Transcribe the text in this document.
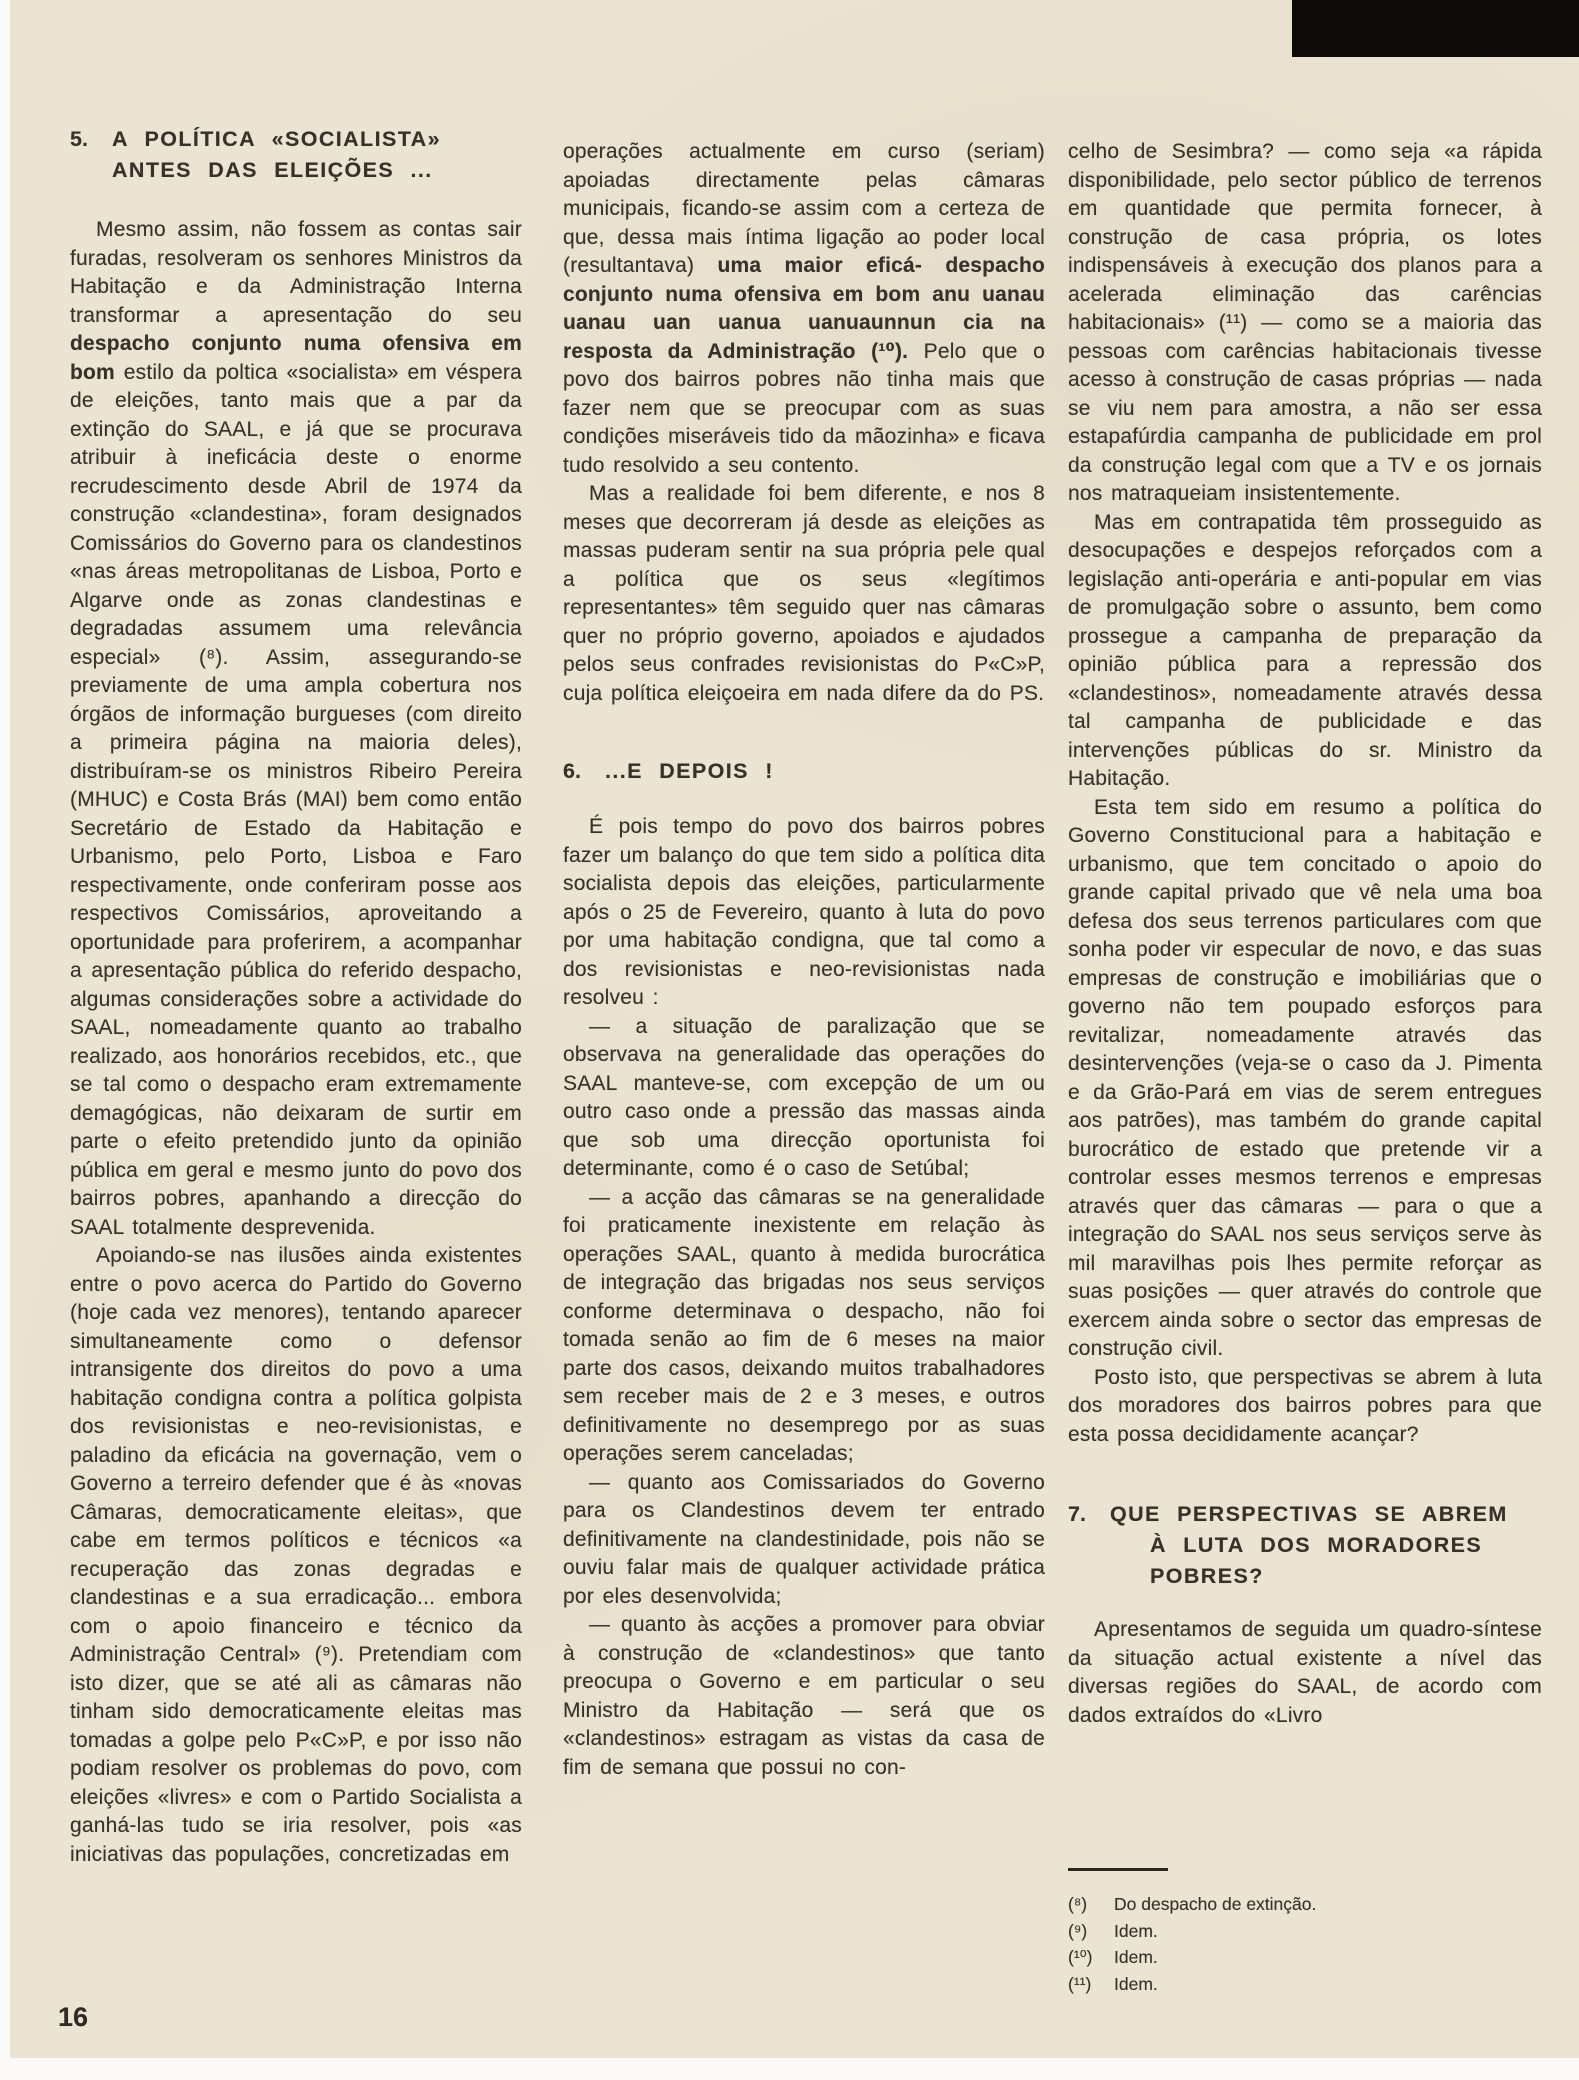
5. A POLÍTICA «SOCIALISTA»
ANTES DAS ELEIÇÕES ...

Mesmo assim, não fossem as contas sair furadas, resolveram os senhores Ministros da Habitação e da Administração Interna transformar a apresentação do seu despacho conjunto numa ofensiva em bom estilo da poltica «socialista» em véspera de eleições, tanto mais que a par da extinção do SAAL, e já que se procurava atribuir à ineficácia deste o enorme recrudescimento desde Abril de 1974 da construção «clandestina», foram designados Comissários do Governo para os clandestinos «nas áreas metropolitanas de Lisboa, Porto e Algarve onde as zonas clandestinas e degradadas assumem uma relevância especial» (⁸). Assim, assegurando-se previamente de uma ampla cobertura nos órgãos de informação burgueses (com direito a primeira página na maioria deles), distribuíram-se os ministros Ribeiro Pereira (MHUC) e Costa Brás (MAI) bem como então Secretário de Estado da Habitação e Urbanismo, pelo Porto, Lisboa e Faro respectivamente, onde conferiram posse aos respectivos Comissários, aproveitando a oportunidade para proferirem, a acompanhar a apresentação pública do referido despacho, algumas considerações sobre a actividade do SAAL, nomeadamente quanto ao trabalho realizado, aos honorários recebidos, etc., que se tal como o despacho eram extremamente demagógicas, não deixaram de surtir em parte o efeito pretendido junto da opinião pública em geral e mesmo junto do povo dos bairros pobres, apanhando a direcção do SAAL totalmente desprevenida.

Apoiando-se nas ilusões ainda existentes entre o povo acerca do Partido do Governo (hoje cada vez menores), tentando aparecer simultaneamente como o defensor intransigente dos direitos do povo a uma habitação condigna contra a política golpista dos revisionistas e neo-revisionistas, e paladino da eficácia na governação, vem o Governo a terreiro defender que é às «novas Câmaras, democraticamente eleitas», que cabe em termos políticos e técnicos «a recuperação das zonas degradas e clandestinas e a sua erradicação... embora com o apoio financeiro e técnico da Administração Central» (⁹). Pretendiam com isto dizer, que se até ali as câmaras não tinham sido democraticamente eleitas mas tomadas a golpe pelo P«C»P, e por isso não podiam resolver os problemas do povo, com eleições «livres» e com o Partido Socialista a ganhá-las tudo se iria resolver, pois «as iniciativas das populações, concretizadas em

operações actualmente em curso (seriam) apoiadas directamente pelas câmaras municipais, ficando-se assim com a certeza de que, dessa mais íntima ligação ao poder local (resultantava) uma maior eficá- despacho conjunto numa ofensiva em bom anu uanau uanau uan uanua uanuaunnun cia na resposta da Administração (¹⁰). Pelo que o povo dos bairros pobres não tinha mais que fazer nem que se preocupar com as suas condições miseráveis tido da mãozinha» e ficava tudo resolvido a seu contento.

Mas a realidade foi bem diferente, e nos 8 meses que decorreram já desde as eleições as massas puderam sentir na sua própria pele qual a política que os seus «legítimos representantes» têm seguido quer nas câmaras quer no próprio governo, apoiados e ajudados pelos seus confrades revisionistas do P«C»P, cuja política eleiçoeira em nada difere da do PS.

6. ...E DEPOIS !

É pois tempo do povo dos bairros pobres fazer um balanço do que tem sido a política dita socialista depois das eleições, particularmente após o 25 de Fevereiro, quanto à luta do povo por uma habitação condigna, que tal como a dos revisionistas e neo-revisionistas nada resolveu :

— a situação de paralização que se observava na generalidade das operações do SAAL manteve-se, com excepção de um ou outro caso onde a pressão das massas ainda que sob uma direcção oportunista foi determinante, como é o caso de Setúbal;

— a acção das câmaras se na generalidade foi praticamente inexistente em relação às operações SAAL, quanto à medida burocrática de integração das brigadas nos seus serviços conforme determinava o despacho, não foi tomada senão ao fim de 6 meses na maior parte dos casos, deixando muitos trabalhadores sem receber mais de 2 e 3 meses, e outros definitivamente no desemprego por as suas operações serem canceladas;

— quanto aos Comissariados do Governo para os Clandestinos devem ter entrado definitivamente na clandestinidade, pois não se ouviu falar mais de qualquer actividade prática por eles desenvolvida;

— quanto às acções a promover para obviar à construção de «clandestinos» que tanto preocupa o Governo e em particular o seu Ministro da Habitação — será que os «clandestinos» estragam as vistas da casa de fim de semana que possui no con-

celho de Sesimbra? — como seja «a rápida disponibilidade, pelo sector público de terrenos em quantidade que permita fornecer, à construção de casa própria, os lotes indispensáveis à execução dos planos para a acelerada eliminação das carências habitacionais» (¹¹) — como se a maioria das pessoas com carências habitacionais tivesse acesso à construção de casas próprias — nada se viu nem para amostra, a não ser essa estapafúrdia campanha de publicidade em prol da construção legal com que a TV e os jornais nos matraqueiam insistentemente.

Mas em contrapatida têm prosseguido as desocupações e despejos reforçados com a legislação anti-operária e anti-popular em vias de promulgação sobre o assunto, bem como prossegue a campanha de preparação da opinião pública para a repressão dos «clandestinos», nomeadamente através dessa tal campanha de publicidade e das intervenções públicas do sr. Ministro da Habitação.

Esta tem sido em resumo a política do Governo Constitucional para a habitação e urbanismo, que tem concitado o apoio do grande capital privado que vê nela uma boa defesa dos seus terrenos particulares com que sonha poder vir especular de novo, e das suas empresas de construção e imobiliárias que o governo não tem poupado esforços para revitalizar, nomeadamente através das desintervenções (veja-se o caso da J. Pimenta e da Grão-Pará em vias de serem entregues aos patrões), mas também do grande capital burocrático de estado que pretende vir a controlar esses mesmos terrenos e empresas através quer das câmaras — para o que a integração do SAAL nos seus serviços serve às mil maravilhas pois lhes permite reforçar as suas posições — quer através do controle que exercem ainda sobre o sector das empresas de construção civil.

Posto isto, que perspectivas se abrem à luta dos moradores dos bairros pobres para que esta possa decididamente acançar?

7. QUE PERSPECTIVAS SE ABREM
À LUTA DOS MORADORES POBRES?

Apresentamos de seguida um quadro-síntese da situação actual existente a nível das diversas regiões do SAAL, de acordo com dados extraídos do «Livro

(⁸) Do despacho de extinção.
(⁹) Idem.
(¹⁰) Idem.
(¹¹) Idem.
16
